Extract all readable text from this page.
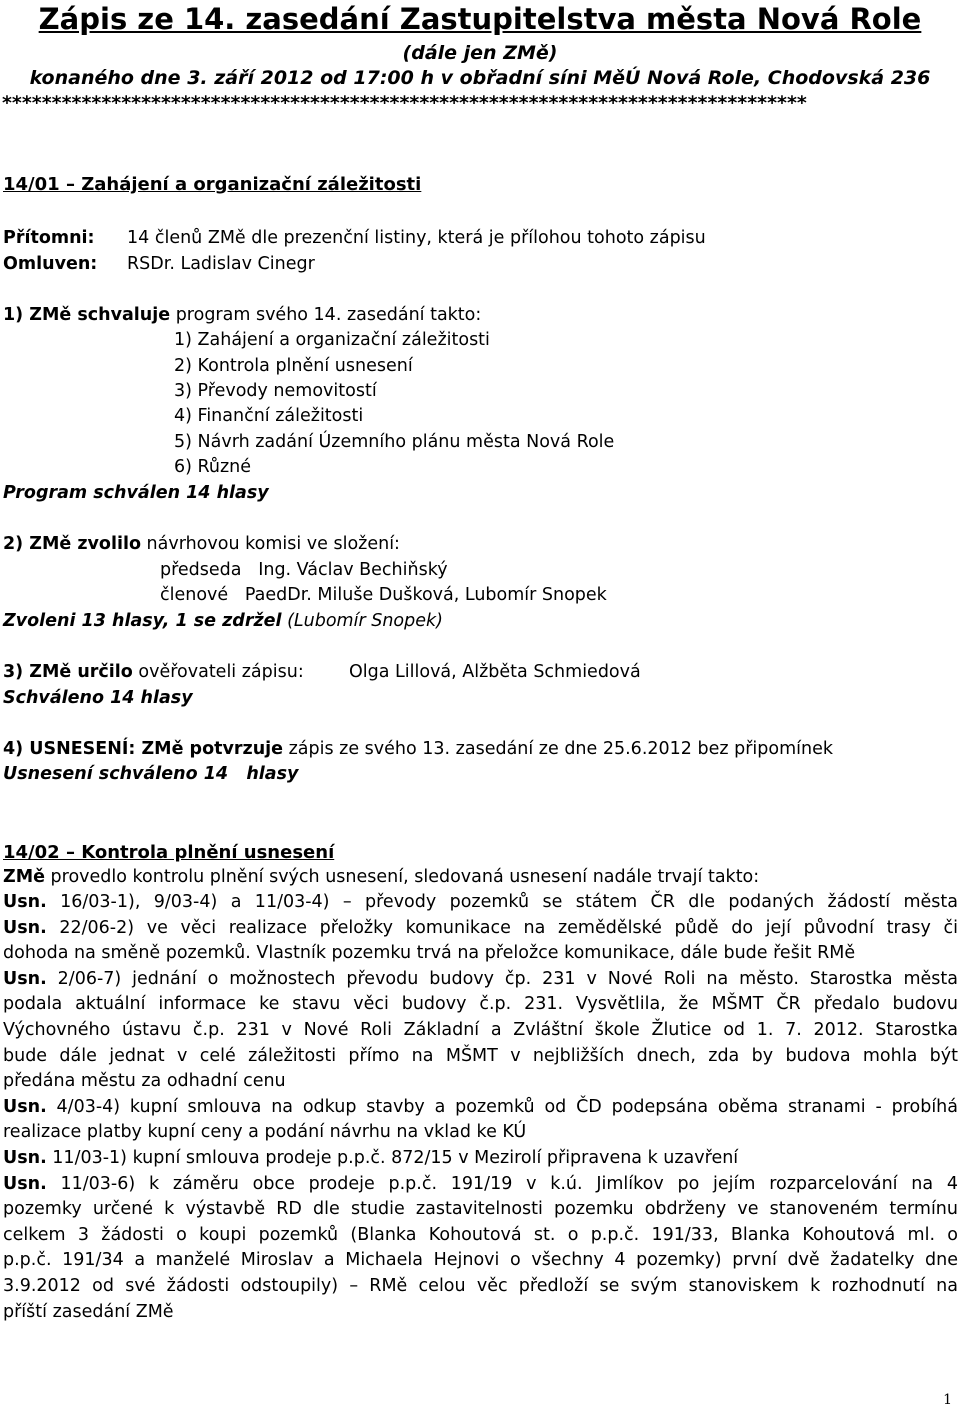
Zápis ze 14. zasedání Zastupitelstva města Nová Role
(dále jen ZMě)
konaného dne 3. září 2012 od 17:00 h v obřadní síni MěÚ Nová Role, Chodovská 236
*********************************************************************************
14/01 – Zahájení a organizační záležitosti
Přítomni: 14 členů ZMě dle prezenční listiny, která je přílohou tohoto zápisu
Omluven: RSDr. Ladislav Cinegr
1) ZMě schvaluje program svého 14. zasedání takto:
1) Zahájení a organizační záležitosti
2) Kontrola plnění usnesení
3) Převody nemovitostí
4) Finanční záležitosti
5) Návrh zadání Územního plánu města Nová Role
6) Různé
Program schválen 14 hlasy
2) ZMě zvolilo návrhovou komisi ve složení:
předseda   Ing. Václav Bechiňský
členové   PaedDr. Miluše Dušková, Lubomír Snopek
Zvoleni 13 hlasy, 1 se zdržel (Lubomír Snopek)
3) ZMě určilo ověřovateli zápisu:	Olga Lillová, Alžběta Schmiedová
Schváleno 14 hlasy
4) USNESENÍ: ZMě potvrzuje zápis ze svého 13. zasedání ze dne 25.6.2012 bez připomínek
Usnesení schváleno 14   hlasy
14/02 – Kontrola plnění usnesení
ZMě provedlo kontrolu plnění svých usnesení, sledovaná usnesení nadále trvají takto:
Usn. 16/03-1), 9/03-4) a 11/03-4) – převody pozemků se státem ČR dle podaných žádostí města
Usn. 22/06-2) ve věci realizace přeložky komunikace na zemědělské půdě do její původní trasy či
dohoda na směně pozemků. Vlastník pozemku trvá na přeložce komunikace, dále bude řešit RMě
Usn. 2/06-7) jednání o možnostech převodu budovy čp. 231 v Nové Roli na město. Starostka města
podala aktuální informace ke stavu věci budovy č.p. 231. Vysvětlila, že MŠMT ČR předalo budovu
Výchovného ústavu č.p. 231 v Nové Roli Základní a Zvláštní škole Žlutice od 1. 7. 2012. Starostka
bude dále jednat v celé záležitosti přímo na MŠMT v nejbližších dnech, zda by budova mohla být
předána městu za odhadní cenu
Usn. 4/03-4) kupní smlouva na odkup stavby a pozemků od ČD podepsána oběma stranami - probíhá
realizace platby kupní ceny a podání návrhu na vklad ke KÚ
Usn. 11/03-1) kupní smlouva prodeje p.p.č. 872/15 v Mezirolí připravena k uzavření
Usn. 11/03-6) k záměru obce prodeje p.p.č. 191/19 v k.ú. Jimlíkov po jejím rozparcelování na 4
pozemky určené k výstavbě RD dle studie zastavitelnosti pozemku obdrženy ve stanoveném termínu
celkem 3 žádosti o koupi pozemků (Blanka Kohoutová st. o p.p.č. 191/33, Blanka Kohoutová ml. o
p.p.č. 191/34 a manželé Miroslav a Michaela Hejnovi o všechny 4 pozemky) první dvě žadatelky dne
3.9.2012 od své žádosti odstoupily) – RMě celou věc předloží se svým stanoviskem k rozhodnutí na
příští zasedání ZMě
1
